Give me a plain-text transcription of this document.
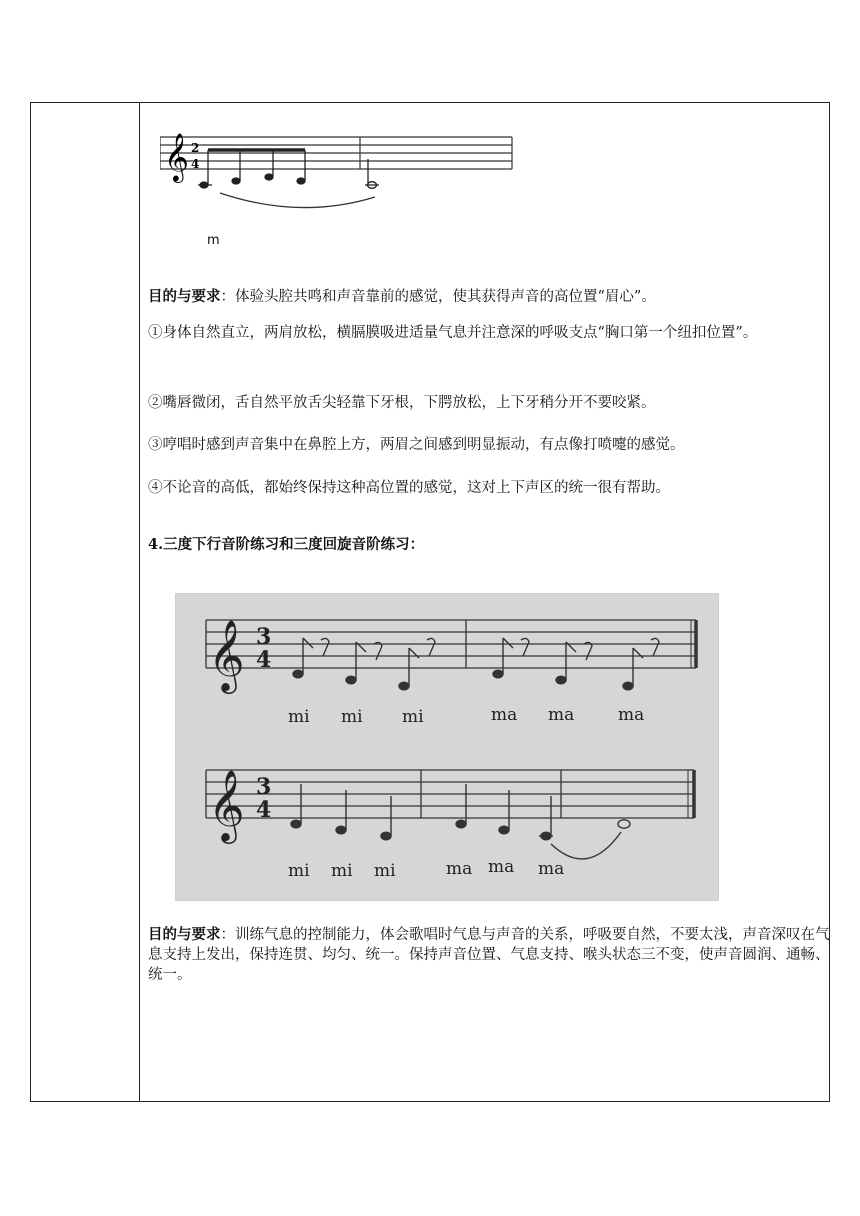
𝄞 2
4
m
目的与要求：体验头腔共鸣和声音靠前的感觉，使其获得声音的高位置“眉心”。
①身体自然直立，两肩放松，横膈膜吸进适量气息并注意深的呼吸支点“胸口第一个纽扣位置”。
②嘴唇微闭，舌自然平放舌尖轻靠下牙根，下腭放松，上下牙稍分开不要咬紧。
③哼唱时感到声音集中在鼻腔上方，两眉之间感到明显振动，有点像打喷嚏的感觉。
④不论音的高低，都始终保持这种高位置的感觉，这对上下声区的统一很有帮助。
4.三度下行音阶练习和三度回旋音阶练习：
𝄞 3
4
mi mi mi	ma ma	ma
𝄞 3
4
mi mi mi	ma ma ma
目的与要求：训练气息的控制能力，体会歌唱时气息与声音的关系，呼吸要自然，不要太浅，声音深叹在气息支持上发出，保持连贯、均匀、统一。保持声音位置、气息支持、喉头状态三不变，使声音圆润、通畅、统一。
